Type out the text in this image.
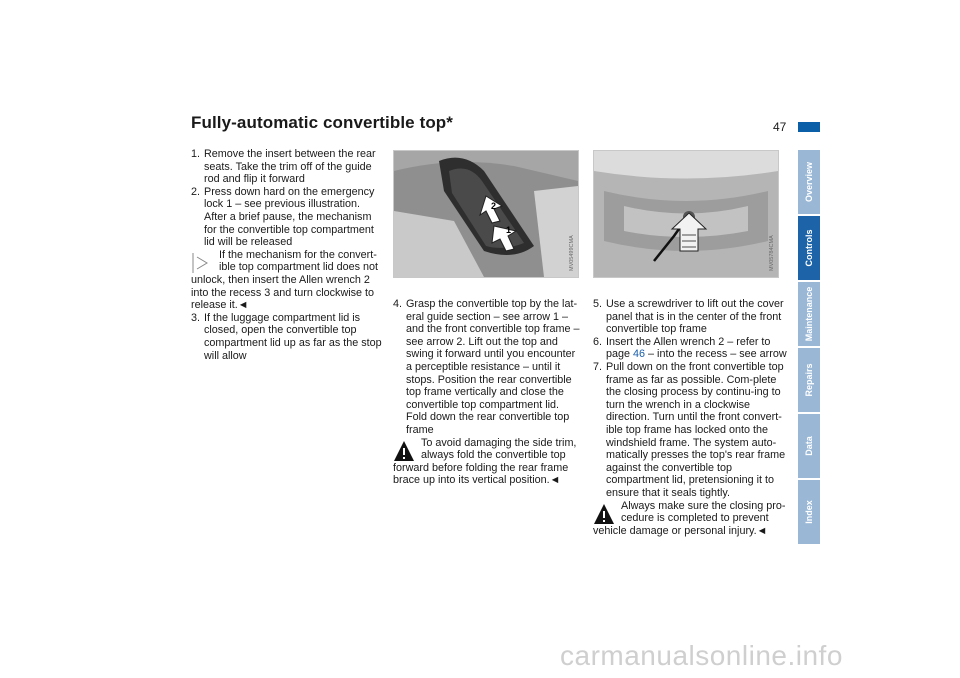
Fully-automatic convertible top*	47
1. Remove the insert between the rear seats. Take the trim off of the guide rod and flip it forward
2. Press down hard on the emergency lock 1 – see previous illustration. After a brief pause, the mechanism for the convertible top compartment lid will be released

If the mechanism for the convert-ible top compartment lid does not
unlock, then insert the Allen wrench 2 into the recess 3 and turn clockwise to release it.◄

3. If the luggage compartment lid is closed, open the convertible top compartment lid up as far as the stop will allow
2
1
MV05499CMA	MV05784CMA
4. Grasp the convertible top by the lat-eral guide section – see arrow 1 – and the front convertible top frame – see arrow 2. Lift out the top and swing it forward until you encounter a perceptible resistance – until it stops. Position the rear convertible top frame vertically and close the convertible top compartment lid. Fold down the rear convertible top frame

To avoid damaging the side trim, always fold the convertible top
forward before folding the rear frame brace up into its vertical position.◄

5. Use a screwdriver to lift out the cover panel that is in the center of the front convertible top frame
6. Insert the Allen wrench 2 – refer to page 46 – into the recess – see arrow
7. Pull down on the front convertible top frame as far as possible. Com-plete the closing process by continu-ing to turn the wrench in a clockwise direction. Turn until the front convert-ible top frame has locked onto the windshield frame. The system auto-matically presses the top's rear frame against the convertible top compartment lid, pretensioning it to ensure that it seals tightly.

Always make sure the closing pro-cedure is completed to prevent
vehicle damage or personal injury.◄

Overview
Controls
Maintenance
Repairs
Data
Index
carmanualsonline.info
